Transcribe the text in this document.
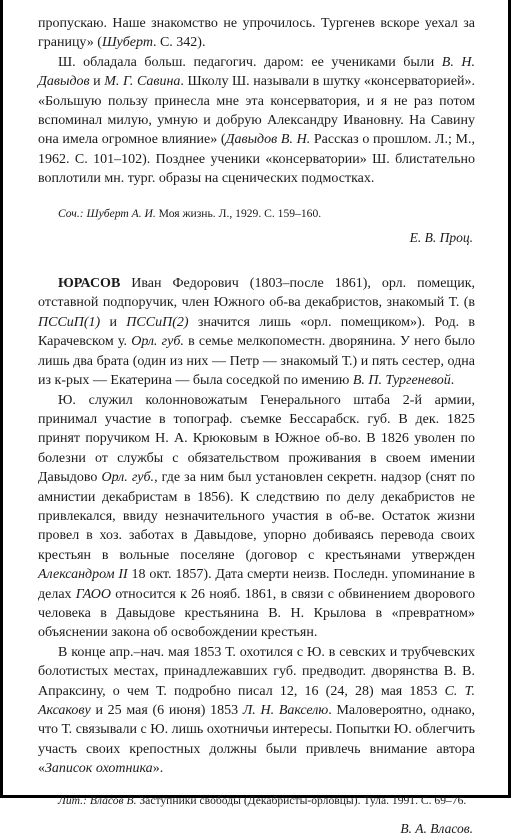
пропускаю. Наше знакомство не упрочилось. Тургенев вскоре уехал за границу» (Шуберт. С. 342).

Ш. обладала больш. педагогич. даром: ее учениками были В. Н. Давыдов и М. Г. Савина. Школу Ш. называли в шутку «консерваторией». «Большую пользу принесла мне эта консерватория, и я не раз потом вспоминал милую, умную и добрую Александру Ивановну. На Савину она имела огромное влияние» (Давыдов В. Н. Рассказ о прошлом. Л.; М., 1962. С. 101–102). Позднее ученики «консерватории» Ш. блистательно воплотили мн. тург. образы на сценических подмостках.

Соч.: Шуберт А. И. Моя жизнь. Л., 1929. С. 159–160.

Е. В. Проц.

ЮРАСОВ Иван Федорович (1803–после 1861), орл. помещик, отставной подпоручик, член Южного об-ва декабристов, знакомый Т. (в ПССиП(1) и ПССиП(2) значится лишь «орл. помещиком»). Род. в Карачевском у. Орл. губ. в семье мелкопоместн. дворянина. У него было лишь два брата (один из них — Петр — знакомый Т.) и пять сестер, одна из к-рых — Екатерина — была соседкой по имению В. П. Тургеневой.

Ю. служил колонновожатым Генерального штаба 2-й армии, принимал участие в топограф. съемке Бессарабск. губ. В дек. 1825 принят поручиком Н. А. Крюковым в Южное об-во. В 1826 уволен по болезни от службы с обязательством проживания в своем имении Давыдово Орл. губ., где за ним был установлен секретн. надзор (снят по амнистии декабристам в 1856). К следствию по делу декабристов не привлекался, ввиду незначительного участия в об-ве. Остаток жизни провел в хоз. заботах в Давыдове, упорно добиваясь перевода своих крестьян в вольные поселяне (договор с крестьянами утвержден Александром II 18 окт. 1857). Дата смерти неизв. Последн. упоминание в делах ГАОО относится к 26 нояб. 1861, в связи с обвинением дворового человека в Давыдове крестьянина В. Н. Крылова в «превратном» объяснении закона об освобождении крестьян.

В конце апр.–нач. мая 1853 Т. охотился с Ю. в севских и трубчевских болотистых местах, принадлежавших губ. предводит. дворянства В. В. Апраксину, о чем Т. подробно писал 12, 16 (24, 28) мая 1853 С. Т. Аксакову и 25 мая (6 июня) 1853 Л. Н. Вакселю. Маловероятно, однако, что Т. связывали с Ю. лишь охотничьи интересы. Попытки Ю. облегчить участь своих крепостных должны были привлечь внимание автора «Записок охотника».

Лит.: Власов В. Заступники свободы (Декабристы-орловцы). Тула. 1991. С. 69–76.

В. А. Власов.
